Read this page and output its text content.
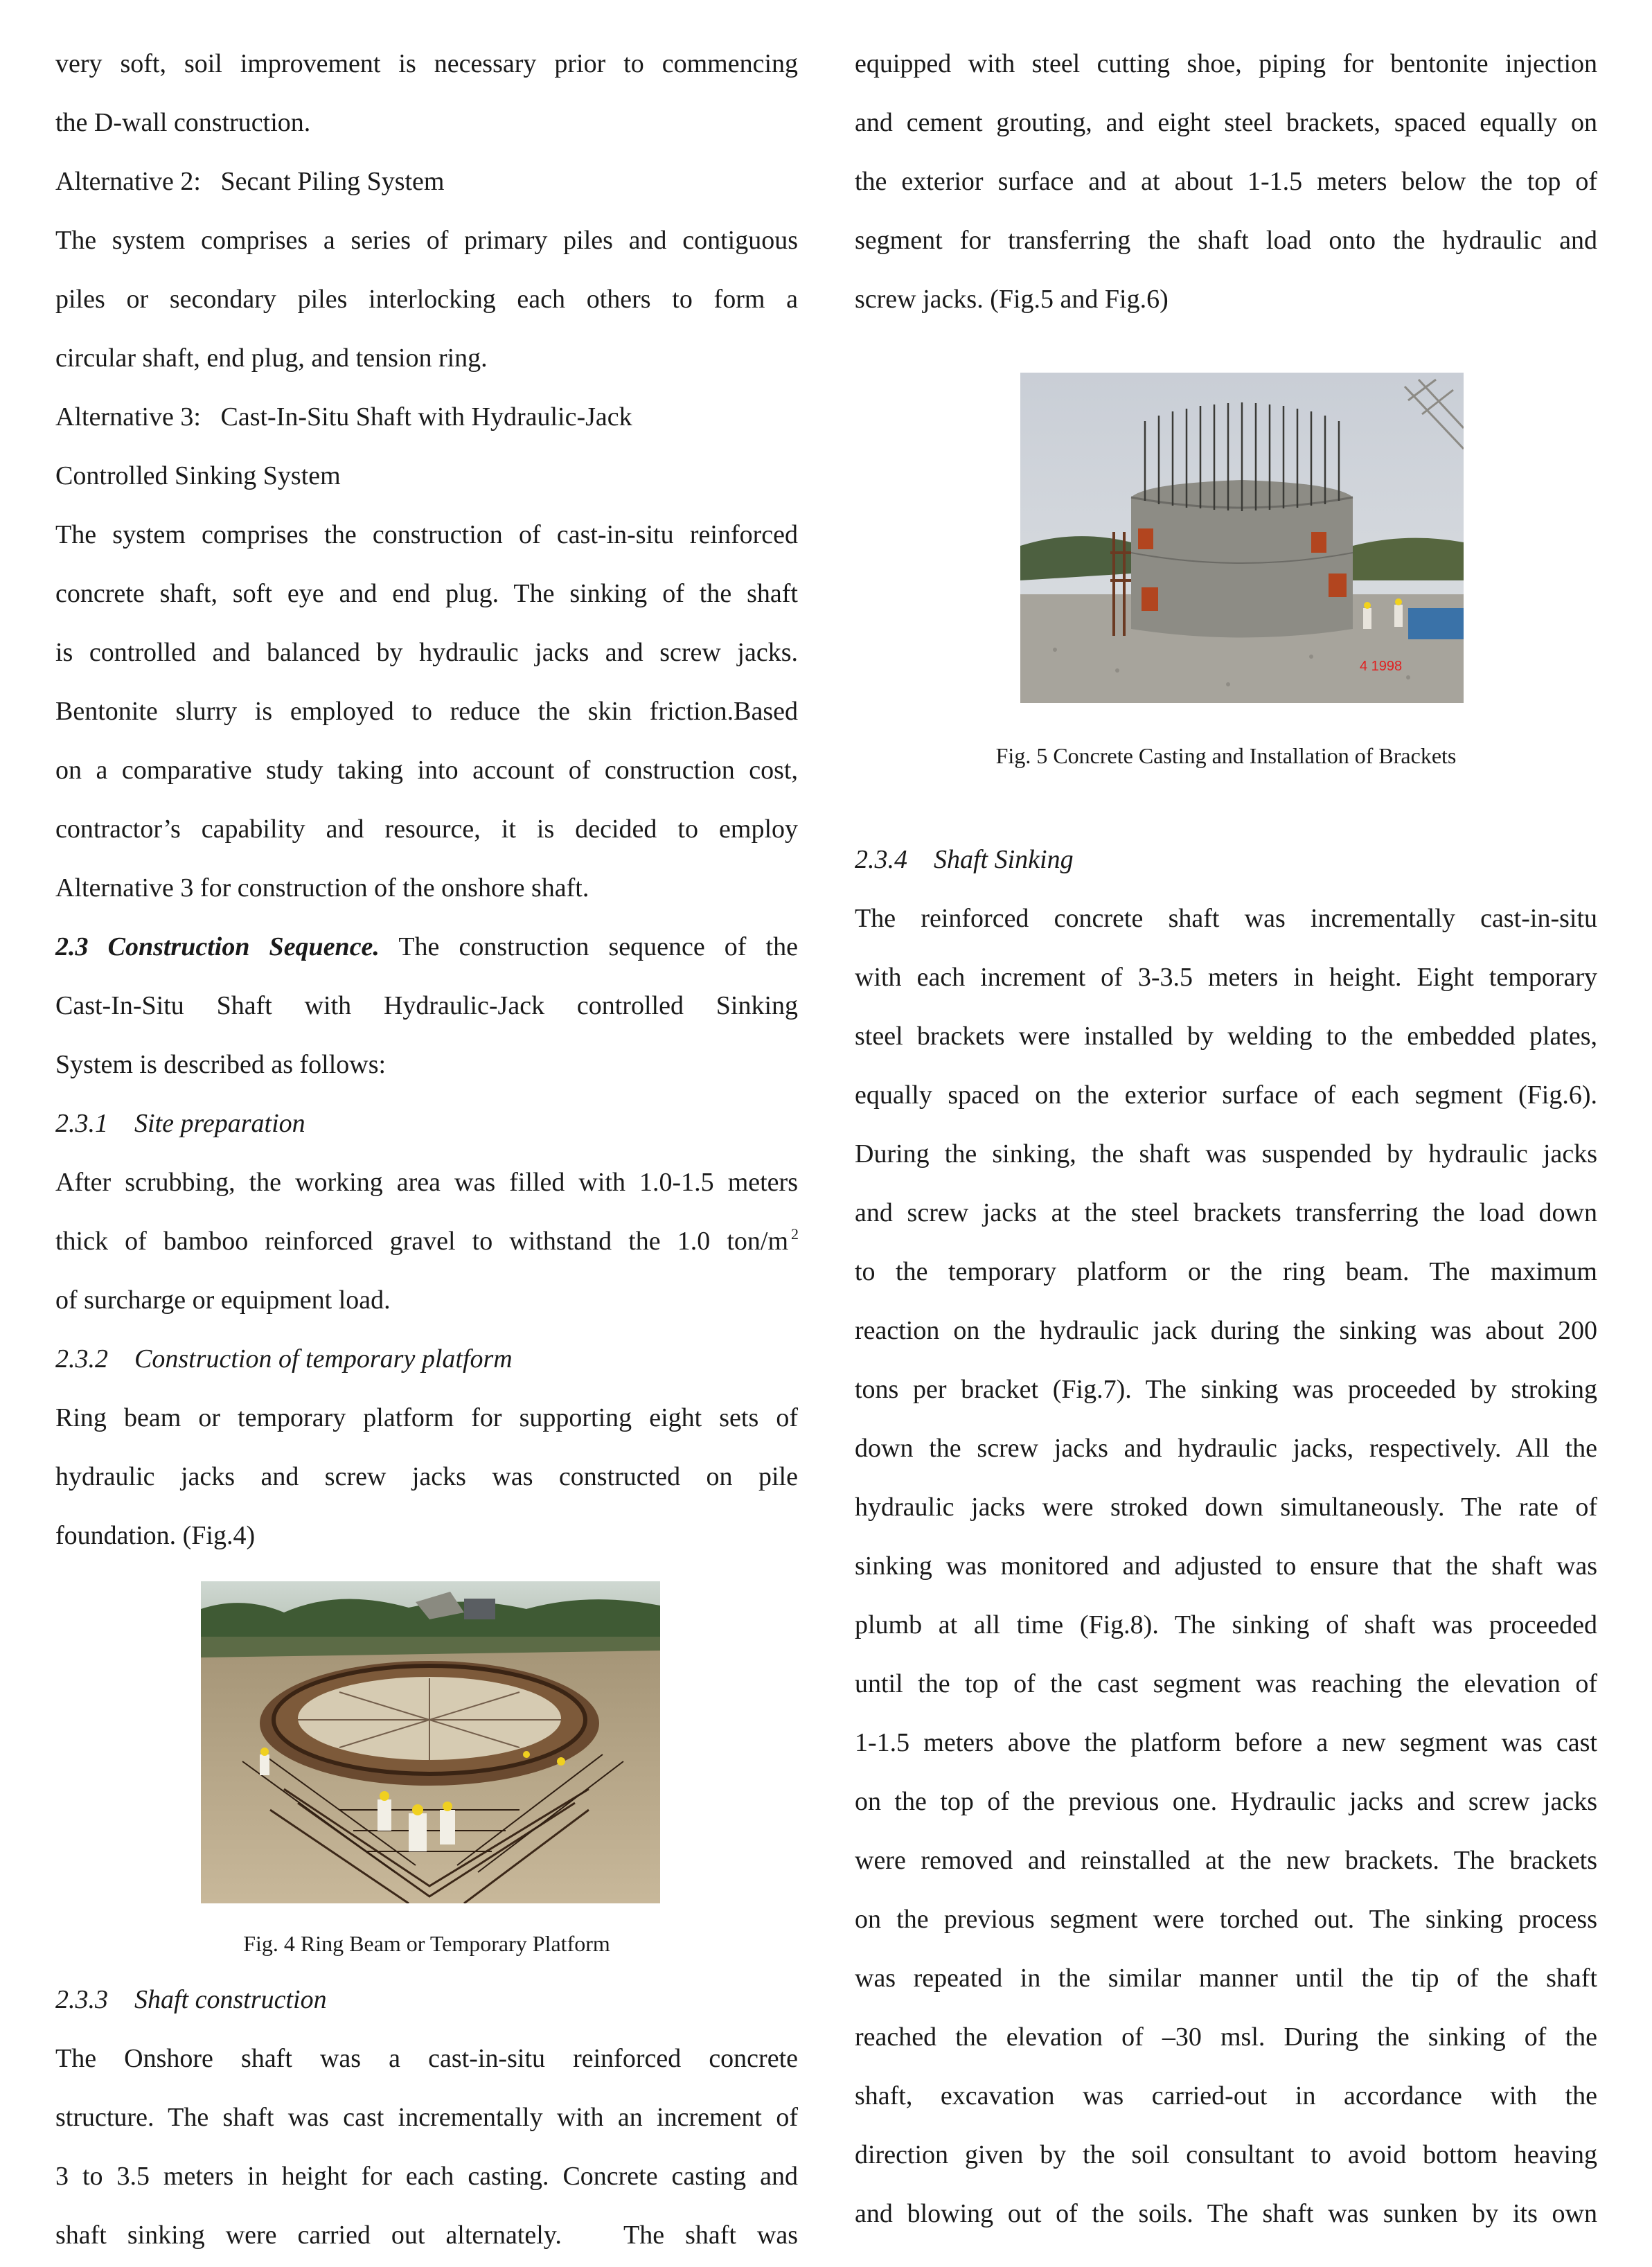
very soft, soil improvement is necessary prior to commencing
the D-wall construction.
Alternative 2:   Secant Piling System
The system comprises a series of primary piles and contiguous
piles or secondary piles interlocking each others to form a
circular shaft, end plug, and tension ring.
Alternative 3:   Cast-In-Situ Shaft with Hydraulic-Jack
Controlled Sinking System
The system comprises the construction of cast-in-situ reinforced
concrete shaft, soft eye and end plug. The sinking of the shaft
is controlled and balanced by hydraulic jacks and screw jacks.
Bentonite slurry is employed to reduce the skin friction.Based
on a comparative study taking into account of construction cost,
contractor’s capability and resource, it is decided to employ
Alternative 3 for construction of the onshore shaft.
2.3 Construction Sequence. The construction sequence of the
Cast-In-Situ Shaft with Hydraulic-Jack controlled Sinking
System is described as follows:
2.3.1    Site preparation
After scrubbing, the working area was filled with 1.0-1.5 meters
thick of bamboo reinforced gravel to withstand the 1.0 ton/m 2
of surcharge or equipment load.
2.3.2    Construction of temporary platform
Ring beam or temporary platform for supporting eight sets of
hydraulic jacks and screw jacks was constructed on pile
foundation. (Fig.4)
Fig. 4 Ring Beam or Temporary Platform
2.3.3    Shaft construction
The Onshore shaft was a cast-in-situ reinforced concrete
structure. The shaft was cast incrementally with an increment of
3 to 3.5 meters in height for each casting. Concrete casting and
shaft sinking were carried out alternately.   The shaft was
equipped with steel cutting shoe, piping for bentonite injection
and cement grouting, and eight steel brackets, spaced equally on
the exterior surface and at about 1-1.5 meters below the top of
segment for transferring the shaft load onto the hydraulic and
screw jacks. (Fig.5 and Fig.6)
4 1998
Fig. 5 Concrete Casting and Installation of Brackets
2.3.4    Shaft Sinking
The reinforced concrete shaft was incrementally cast-in-situ
with each increment of 3-3.5 meters in height. Eight temporary
steel brackets were installed by welding to the embedded plates,
equally spaced on the exterior surface of each segment (Fig.6).
During the sinking, the shaft was suspended by hydraulic jacks
and screw jacks at the steel brackets transferring the load down
to the temporary platform or the ring beam. The maximum
reaction on the hydraulic jack during the sinking was about 200
tons per bracket (Fig.7). The sinking was proceeded by stroking
down the screw jacks and hydraulic jacks, respectively. All the
hydraulic jacks were stroked down simultaneously. The rate of
sinking was monitored and adjusted to ensure that the shaft was
plumb at all time (Fig.8). The sinking of shaft was proceeded
until the top of the cast segment was reaching the elevation of
1-1.5 meters above the platform before a new segment was cast
on the top of the previous one. Hydraulic jacks and screw jacks
were removed and reinstalled at the new brackets. The brackets
on the previous segment were torched out. The sinking process
was repeated in the similar manner until the tip of the shaft
reached the elevation of –30 msl. During the sinking of the
shaft, excavation was carried-out in accordance with the
direction given by the soil consultant to avoid bottom heaving
and blowing out of the soils. The shaft was sunken by its own
